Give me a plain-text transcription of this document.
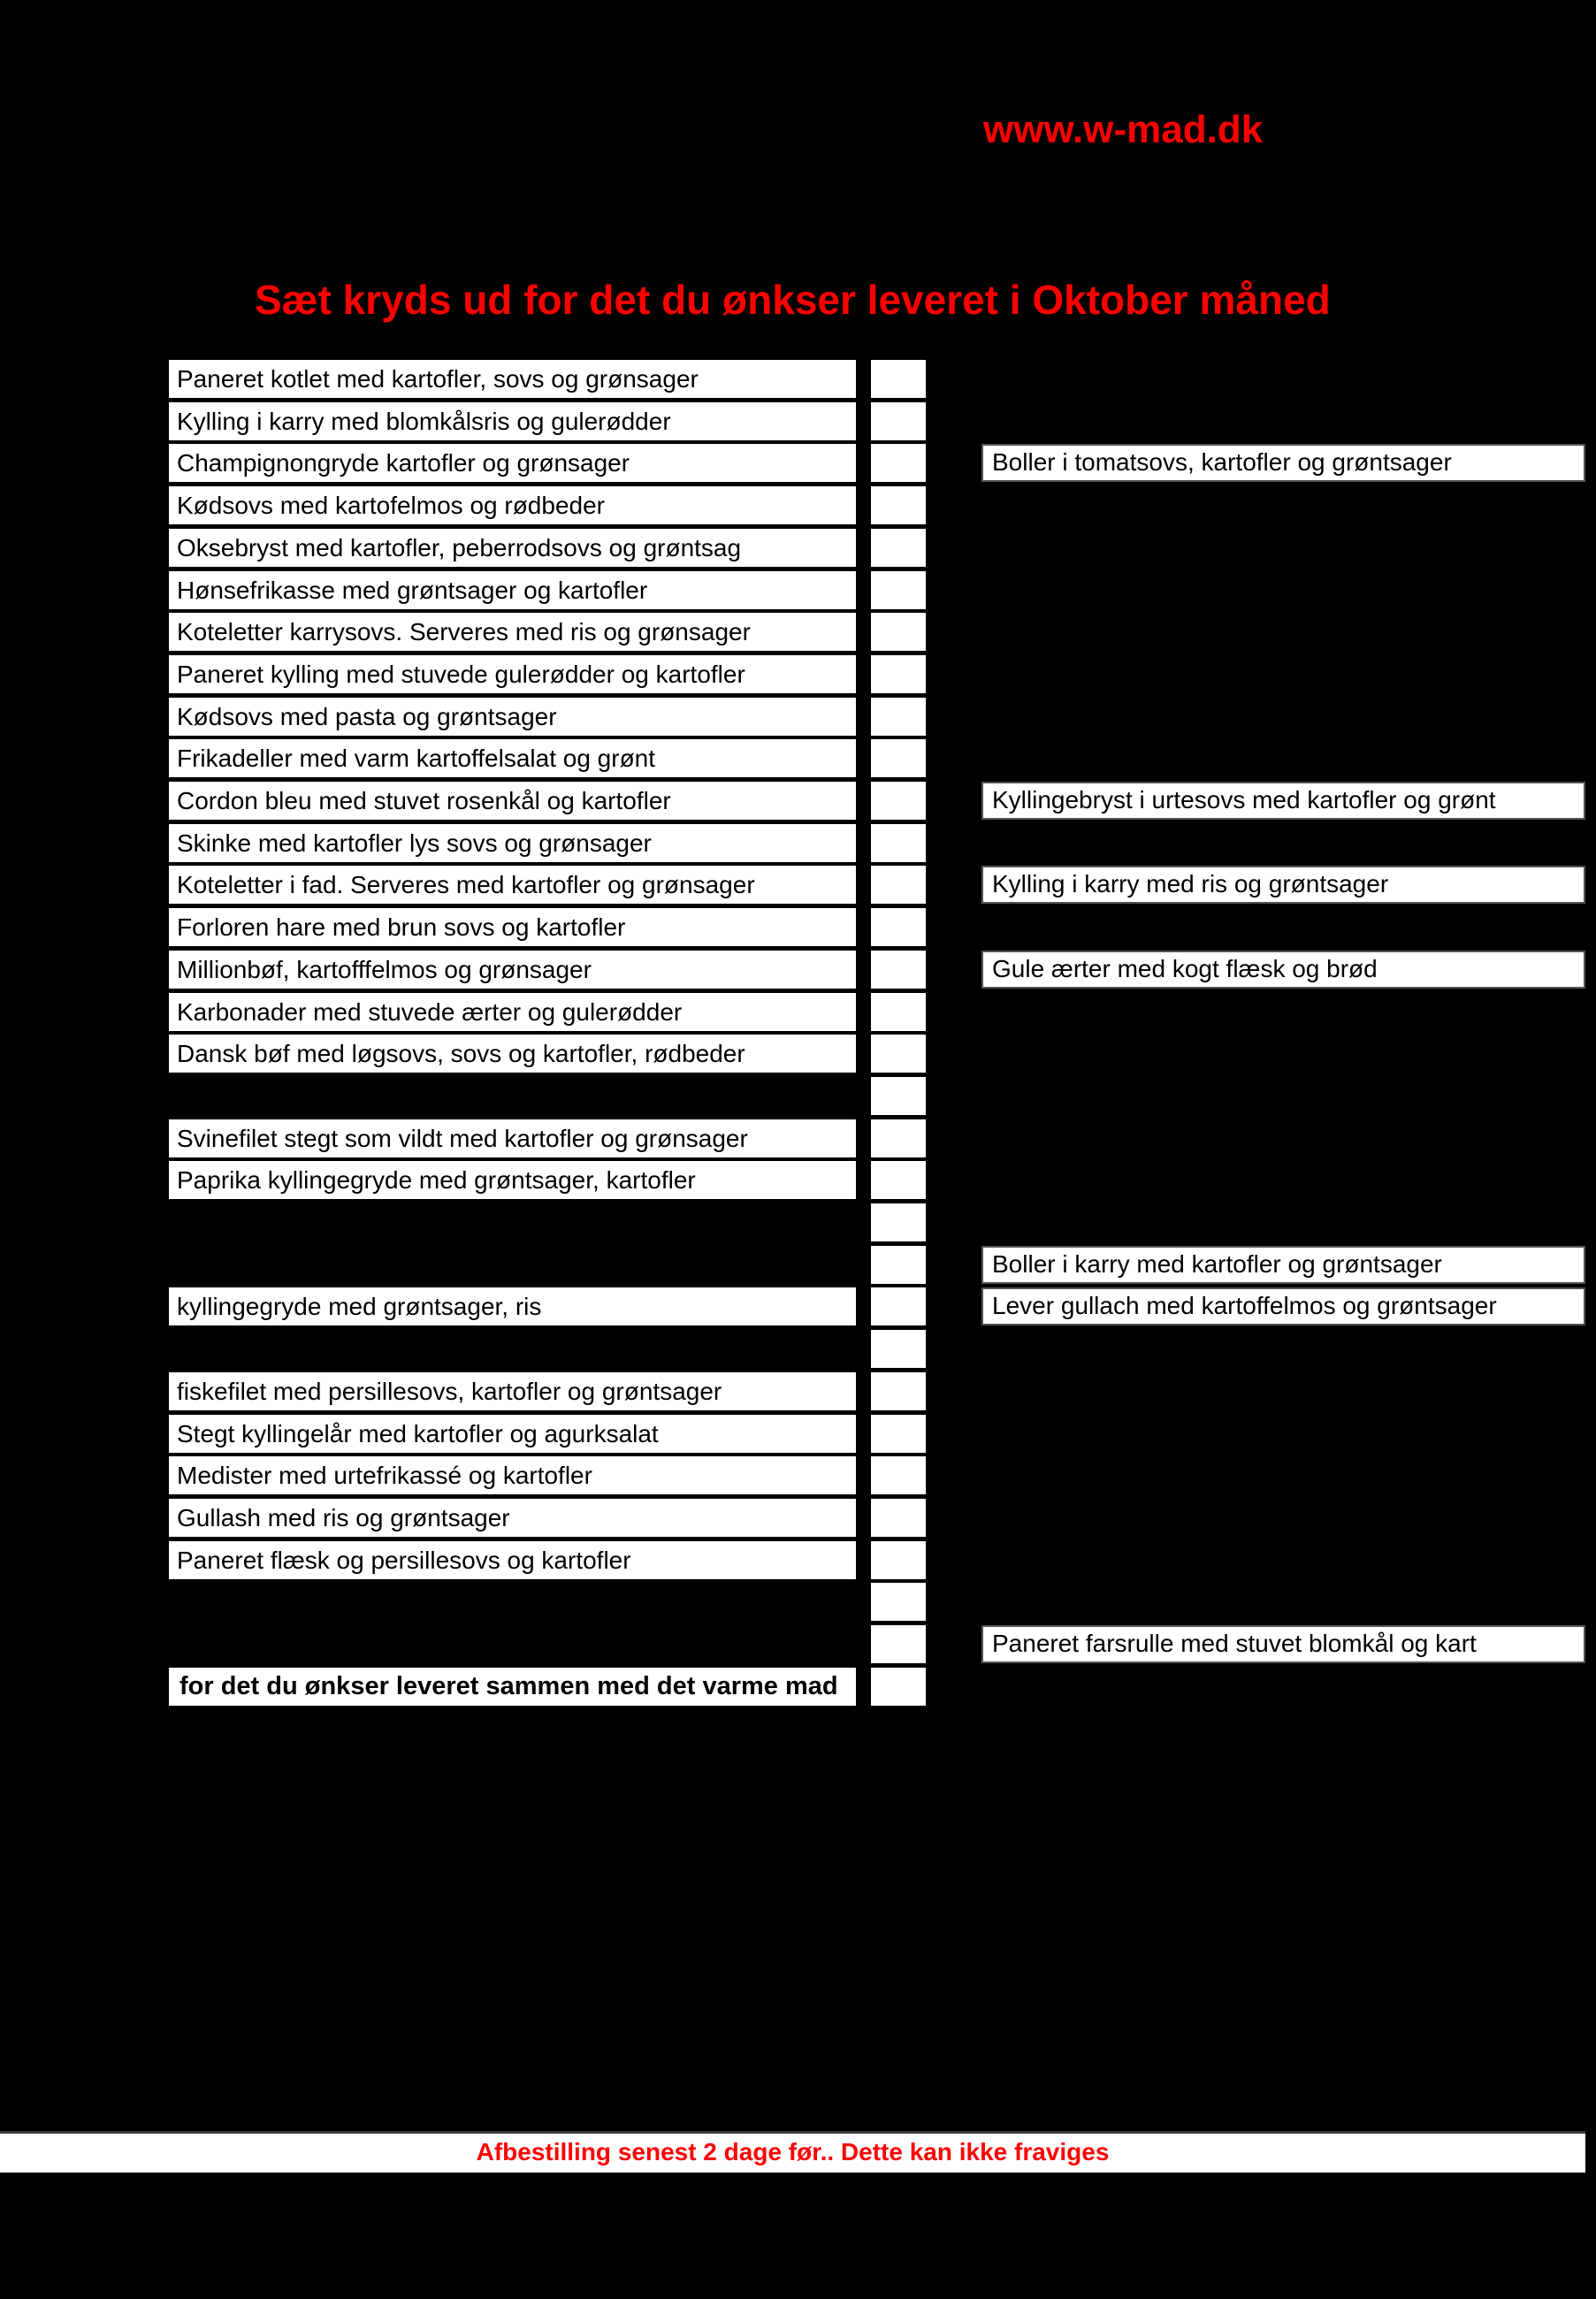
www.w-mad.dk
Sæt kryds ud for det du ønkser leveret i Oktober måned
Paneret kotlet med kartofler, sovs og grønsager
Kylling i karry med blomkålsris og gulerødder
Champignongryde kartofler og grønsager
Kødsovs med kartofelmos og rødbeder
Oksebryst med kartofler, peberrodsovs og grøntsag
Hønsefrikasse med grøntsager og kartofler
Koteletter karrysovs. Serveres med ris og grønsager
Paneret kylling med stuvede gulerødder og kartofler
Kødsovs med pasta og grøntsager
Frikadeller med varm kartoffelsalat og grønt
Cordon bleu med stuvet rosenkål og kartofler
Skinke med kartofler lys sovs og grønsager
Koteletter i fad. Serveres med kartofler og grønsager
Forloren hare med brun sovs og kartofler
Millionbøf, kartofffelmos og grønsager
Karbonader med stuvede ærter og gulerødder
Dansk bøf med løgsovs, sovs og kartofler, rødbeder
Svinefilet stegt som vildt med kartofler og grønsager
Paprika kyllingegryde med grøntsager, kartofler
kyllingegryde med grøntsager, ris
fiskefilet med persillesovs, kartofler og grøntsager
Stegt kyllingelår med kartofler og agurksalat
Medister med urtefrikassé og kartofler
Gullash med ris og grøntsager
Paneret flæsk og persillesovs og kartofler
for det du ønkser leveret sammen med det varme mad
Boller i tomatsovs, kartofler og grøntsager
Kyllingebryst i urtesovs med kartofler og grønt
Kylling i karry med ris og grøntsager
Gule ærter med kogt flæsk og brød
Boller i karry med kartofler og grøntsager
Lever gullach med kartoffelmos og grøntsager
Paneret farsrulle med stuvet blomkål og kart
Afbestilling senest 2 dage før.. Dette kan ikke fraviges
